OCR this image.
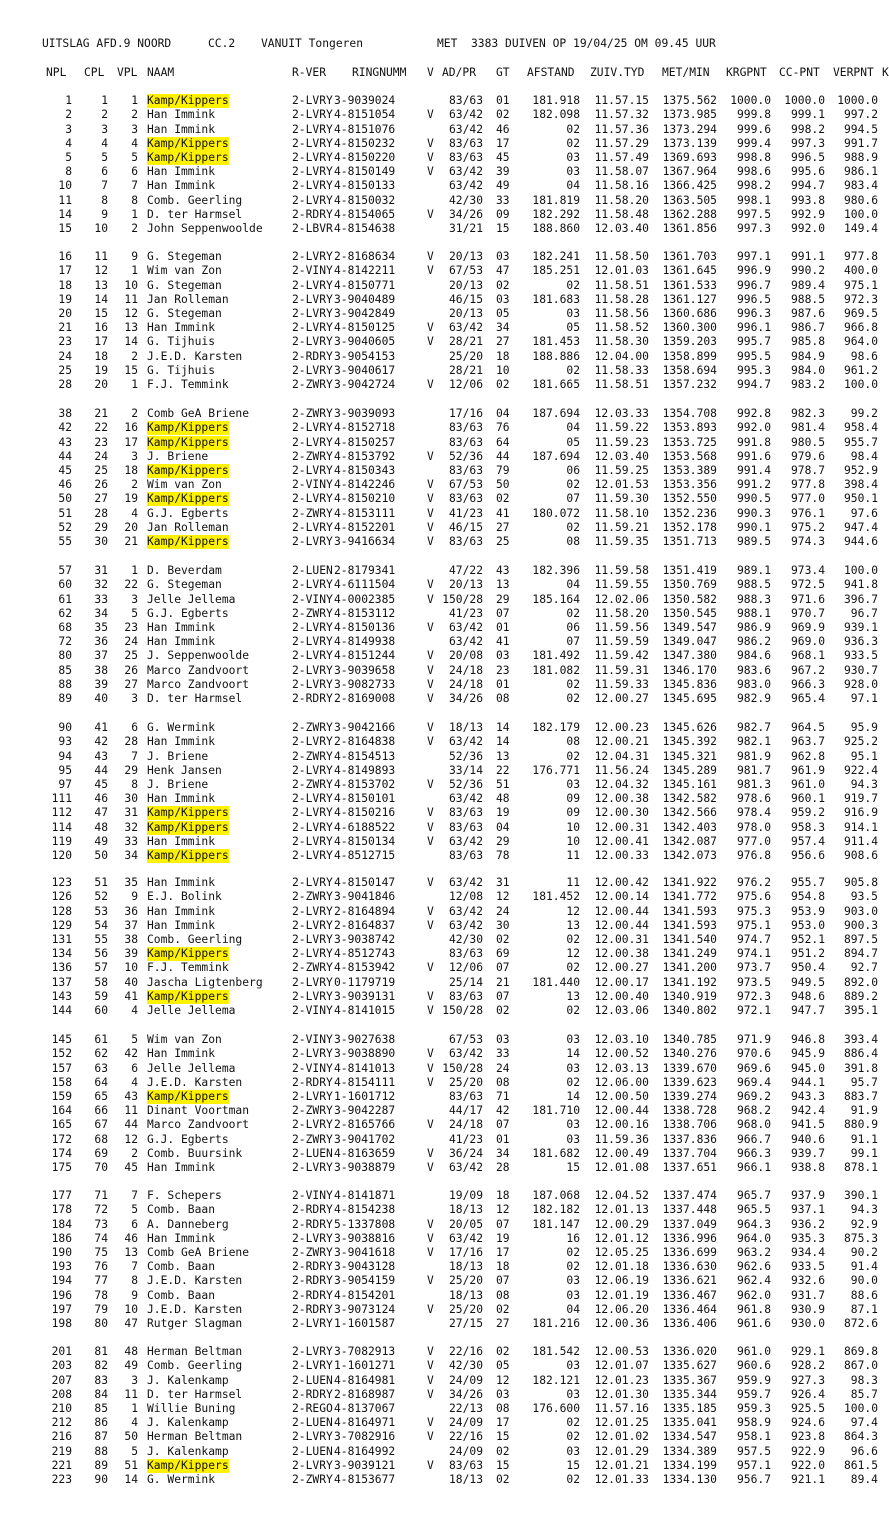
UITSLAG AFD.9 NOORD	CC.2 VANUIT Tongeren	MET  3383 DUIVEN OP 19/04/25 OM 09.45 UUR
NPL CPL VPL NAAM	R-VER RINGNUMM V AD/PR GT AFSTAND ZUIV.TYD MET/MIN KRGPNT CC-PNT VERPNT K
1	1	1 Kamp/Kippers	2-LVRY 3-9039024	83/63 01	181.918	11.57.15	1375.562	1000.0	1000.0	1000.0
2	2	2 Han Immink	2-LVRY 4-8151054	V	63/42 02	182.098	11.57.32	1373.985	999.8	999.1	997.2
3	3	3 Han Immink	2-LVRY 4-8151076	63/42 46	02	11.57.36	1373.294	999.6	998.2	994.5
4	4	4 Kamp/Kippers	2-LVRY 4-8150232	V	83/63 17	02	11.57.29	1373.139	999.4	997.3	991.7
5	5	5 Kamp/Kippers	2-LVRY 4-8150220	V	83/63 45	03	11.57.49	1369.693	998.8	996.5	988.9
8	6	6 Han Immink	2-LVRY 4-8150149	V	63/42 39	03	11.58.07	1367.964	998.6	995.6	986.1
10	7	7 Han Immink	2-LVRY 4-8150133	63/42 49	04	11.58.16	1366.425	998.2	994.7	983.4
11	8	8 Comb. Geerling	2-LVRY 4-8150032	42/30 33	181.819	11.58.20	1363.505	998.1	993.8	980.6
14	9	1 D. ter Harmsel	2-RDRY 4-8154065	V	34/26 09	182.292	11.58.48	1362.288	997.5	992.9	100.0
15	10	2 John Seppenwoolde	2-LBVR 4-8154638	31/21 15	188.860	12.03.40	1361.856	997.3	992.0	149.4
16	11	9 G. Stegeman	2-LVRY 2-8168634	V	20/13 03	182.241	11.58.50	1361.703	997.1	991.1	977.8
17	12	1 Wim van Zon	2-VINY 4-8142211	V	67/53 47	185.251	12.01.03	1361.645	996.9	990.2	400.0
18	13	10 G. Stegeman	2-LVRY 4-8150771	20/13 02	02	11.58.51	1361.533	996.7	989.4	975.1
19	14	11 Jan Rolleman	2-LVRY 3-9040489	46/15 03	181.683	11.58.28	1361.127	996.5	988.5	972.3
20	15	12 G. Stegeman	2-LVRY 3-9042849	20/13 05	03	11.58.56	1360.686	996.3	987.6	969.5
21	16	13 Han Immink	2-LVRY 4-8150125	V	63/42 34	05	11.58.52	1360.300	996.1	986.7	966.8
23	17	14 G. Tijhuis	2-LVRY 3-9040605	V	28/21 27	181.453	11.58.30	1359.203	995.7	985.8	964.0
24	18	2 J.E.D. Karsten	2-RDRY 3-9054153	25/20 18	188.886	12.04.00	1358.899	995.5	984.9	98.6
25	19	15 G. Tijhuis	2-LVRY 3-9040617	28/21 10	02	11.58.33	1358.694	995.3	984.0	961.2
28	20	1 F.J. Temmink	2-ZWRY 3-9042724	V	12/06 02	181.665	11.58.51	1357.232	994.7	983.2	100.0
38	21	2 Comb GeA Briene	2-ZWRY 3-9039093	17/16 04	187.694	12.03.33	1354.708	992.8	982.3	99.2
42	22	16 Kamp/Kippers	2-LVRY 4-8152718	83/63 76	04	11.59.22	1353.893	992.0	981.4	958.4
43	23	17 Kamp/Kippers	2-LVRY 4-8150257	83/63 64	05	11.59.23	1353.725	991.8	980.5	955.7
44	24	3 J. Briene	2-ZWRY 4-8153792	V	52/36 44	187.694	12.03.40	1353.568	991.6	979.6	98.4
45	25	18 Kamp/Kippers	2-LVRY 4-8150343	83/63 79	06	11.59.25	1353.389	991.4	978.7	952.9
46	26	2 Wim van Zon	2-VINY 4-8142246	V	67/53 50	02	12.01.53	1353.356	991.2	977.8	398.4
50	27	19 Kamp/Kippers	2-LVRY 4-8150210	V	83/63 02	07	11.59.30	1352.550	990.5	977.0	950.1
51	28	4 G.J. Egberts	2-ZWRY 4-8153111	V	41/23 41	180.072	11.58.10	1352.236	990.3	976.1	97.6
52	29	20 Jan Rolleman	2-LVRY 4-8152201	V	46/15 27	02	11.59.21	1352.178	990.1	975.2	947.4
55	30	21 Kamp/Kippers	2-LVRY 3-9416634	V	83/63 25	08	11.59.35	1351.713	989.5	974.3	944.6
57	31	1 D. Beverdam	2-LUEN 2-8179341	47/22 43	182.396	11.59.58	1351.419	989.1	973.4	100.0
60	32	22 G. Stegeman	2-LVRY 4-6111504	V	20/13 13	04	11.59.55	1350.769	988.5	972.5	941.8
61	33	3 Jelle Jellema	2-VINY 4-0002385	V 150/28 29	185.164	12.02.06	1350.582	988.3	971.6	396.7
62	34	5 G.J. Egberts	2-ZWRY 4-8153112	41/23 07	02	11.58.20	1350.545	988.1	970.7	96.7
68	35	23 Han Immink	2-LVRY 4-8150136	V	63/42 01	06	11.59.56	1349.547	986.9	969.9	939.1
72	36	24 Han Immink	2-LVRY 4-8149938	63/42 41	07	11.59.59	1349.047	986.2	969.0	936.3
80	37	25 J. Seppenwoolde	2-LVRY 4-8151244	V	20/08 03	181.492	11.59.42	1347.380	984.6	968.1	933.5
85	38	26 Marco Zandvoort	2-LVRY 3-9039658	V	24/18 23	181.082	11.59.31	1346.170	983.6	967.2	930.7
88	39	27 Marco Zandvoort	2-LVRY 3-9082733	V	24/18 01	02	11.59.33	1345.836	983.0	966.3	928.0
89	40	3 D. ter Harmsel	2-RDRY 2-8169008	V	34/26 08	02	12.00.27	1345.695	982.9	965.4	97.1
90	41	6 G. Wermink	2-ZWRY 3-9042166	V	18/13 14	182.179	12.00.23	1345.626	982.7	964.5	95.9
93	42	28 Han Immink	2-LVRY 2-8164838	V	63/42 14	08	12.00.21	1345.392	982.1	963.7	925.2
94	43	7 J. Briene	2-ZWRY 4-8154513	52/36 13	02	12.04.31	1345.321	981.9	962.8	95.1
95	44	29 Henk Jansen	2-LVRY 4-8149893	33/14 22	176.771	11.56.24	1345.289	981.7	961.9	922.4
97	45	8 J. Briene	2-ZWRY 4-8153702	V	52/36 51	03	12.04.32	1345.161	981.3	961.0	94.3
111	46	30 Han Immink	2-LVRY 4-8150101	63/42 48	09	12.00.38	1342.582	978.6	960.1	919.7
112	47	31 Kamp/Kippers	2-LVRY 4-8150216	V	83/63 19	09	12.00.30	1342.566	978.4	959.2	916.9
114	48	32 Kamp/Kippers	2-LVRY 4-6188522	V	83/63 04	10	12.00.31	1342.403	978.0	958.3	914.1
119	49	33 Han Immink	2-LVRY 4-8150134	V	63/42 29	10	12.00.41	1342.087	977.0	957.4	911.4
120	50	34 Kamp/Kippers	2-LVRY 4-8512715	83/63 78	11	12.00.33	1342.073	976.8	956.6	908.6
123	51	35 Han Immink	2-LVRY 4-8150147	V	63/42 31	11	12.00.42	1341.922	976.2	955.7	905.8
126	52	9 E.J. Bolink	2-ZWRY 3-9041846	12/08 12	181.452	12.00.14	1341.772	975.6	954.8	93.5
128	53	36 Han Immink	2-LVRY 2-8164894	V	63/42 24	12	12.00.44	1341.593	975.3	953.9	903.0
129	54	37 Han Immink	2-LVRY 2-8164837	V	63/42 30	13	12.00.44	1341.593	975.1	953.0	900.3
131	55	38 Comb. Geerling	2-LVRY 3-9038742	42/30 02	02	12.00.31	1341.540	974.7	952.1	897.5
134	56	39 Kamp/Kippers	2-LVRY 4-8512743	83/63 69	12	12.00.38	1341.249	974.1	951.2	894.7
136	57	10 F.J. Temmink	2-ZWRY 4-8153942	V	12/06 07	02	12.00.27	1341.200	973.7	950.4	92.7
137	58	40 Jascha Ligtenberg	2-LVRY 0-1179719	25/14 21	181.440	12.00.17	1341.192	973.5	949.5	892.0
143	59	41 Kamp/Kippers	2-LVRY 3-9039131	V	83/63 07	13	12.00.40	1340.919	972.3	948.6	889.2
144	60	4 Jelle Jellema	2-VINY 4-8141015	V 150/28 02	02	12.03.06	1340.802	972.1	947.7	395.1
145	61	5 Wim van Zon	2-VINY 3-9027638	67/53 03	03	12.03.10	1340.785	971.9	946.8	393.4
152	62	42 Han Immink	2-LVRY 3-9038890	V	63/42 33	14	12.00.52	1340.276	970.6	945.9	886.4
157	63	6 Jelle Jellema	2-VINY 4-8141013	V 150/28 24	03	12.03.13	1339.670	969.6	945.0	391.8
158	64	4 J.E.D. Karsten	2-RDRY 4-8154111	V	25/20 08	02	12.06.00	1339.623	969.4	944.1	95.7
159	65	43 Kamp/Kippers	2-LVRY 1-1601712	83/63 71	14	12.00.50	1339.274	969.2	943.3	883.7
164	66	11 Dinant Voortman	2-ZWRY 3-9042287	44/17 42	181.710	12.00.44	1338.728	968.2	942.4	91.9
165	67	44 Marco Zandvoort	2-LVRY 2-8165766	V	24/18 07	03	12.00.16	1338.706	968.0	941.5	880.9
172	68	12 G.J. Egberts	2-ZWRY 3-9041702	41/23 01	03	11.59.36	1337.836	966.7	940.6	91.1
174	69	2 Comb. Buursink	2-LUEN 4-8163659	V	36/24 34	181.682	12.00.49	1337.704	966.3	939.7	99.1
175	70	45 Han Immink	2-LVRY 3-9038879	V	63/42 28	15	12.01.08	1337.651	966.1	938.8	878.1
177	71	7 F. Schepers	2-VINY 4-8141871	19/09 18	187.068	12.04.52	1337.474	965.7	937.9	390.1
178	72	5 Comb. Baan	2-RDRY 4-8154238	18/13 12	182.182	12.01.13	1337.448	965.5	937.1	94.3
184	73	6 A. Danneberg	2-RDRY 5-1337808	V	20/05 07	181.147	12.00.29	1337.049	964.3	936.2	92.9
186	74	46 Han Immink	2-LVRY 3-9038816	V	63/42 19	16	12.01.12	1336.996	964.0	935.3	875.3
190	75	13 Comb GeA Briene	2-ZWRY 3-9041618	V	17/16 17	02	12.05.25	1336.699	963.2	934.4	90.2
193	76	7 Comb. Baan	2-RDRY 3-9043128	18/13 18	02	12.01.18	1336.630	962.6	933.5	91.4
194	77	8 J.E.D. Karsten	2-RDRY 3-9054159	V	25/20 07	03	12.06.19	1336.621	962.4	932.6	90.0
196	78	9 Comb. Baan	2-RDRY 4-8154201	18/13 08	03	12.01.19	1336.467	962.0	931.7	88.6
197	79	10 J.E.D. Karsten	2-RDRY 3-9073124	V	25/20 02	04	12.06.20	1336.464	961.8	930.9	87.1
198	80	47 Rutger Slagman	2-LVRY 1-1601587	27/15 27	181.216	12.00.36	1336.406	961.6	930.0	872.6
201	81	48 Herman Beltman	2-LVRY 3-7082913	V	22/16 02	181.542	12.00.53	1336.020	961.0	929.1	869.8
203	82	49 Comb. Geerling	2-LVRY 1-1601271	V	42/30 05	03	12.01.07	1335.627	960.6	928.2	867.0
207	83	3 J. Kalenkamp	2-LUEN 4-8164981	V	24/09 12	182.121	12.01.23	1335.367	959.9	927.3	98.3
208	84	11 D. ter Harmsel	2-RDRY 2-8168987	V	34/26 03	03	12.01.30	1335.344	959.7	926.4	85.7
210	85	1 Willie Buning	2-REGO 4-8137067	22/13 08	176.600	11.57.16	1335.185	959.3	925.5	100.0
212	86	4 J. Kalenkamp	2-LUEN 4-8164971	V	24/09 17	02	12.01.25	1335.041	958.9	924.6	97.4
216	87	50 Herman Beltman	2-LVRY 3-7082916	V	22/16 15	02	12.01.02	1334.547	958.1	923.8	864.3
219	88	5 J. Kalenkamp	2-LUEN 4-8164992	24/09 02	03	12.01.29	1334.389	957.5	922.9	96.6
221	89	51 Kamp/Kippers	2-LVRY 3-9039121	V	83/63 15	15	12.01.21	1334.199	957.1	922.0	861.5
223	90	14 G. Wermink	2-ZWRY 4-8153677	18/13 02	02	12.01.33	1334.130	956.7	921.1	89.4
